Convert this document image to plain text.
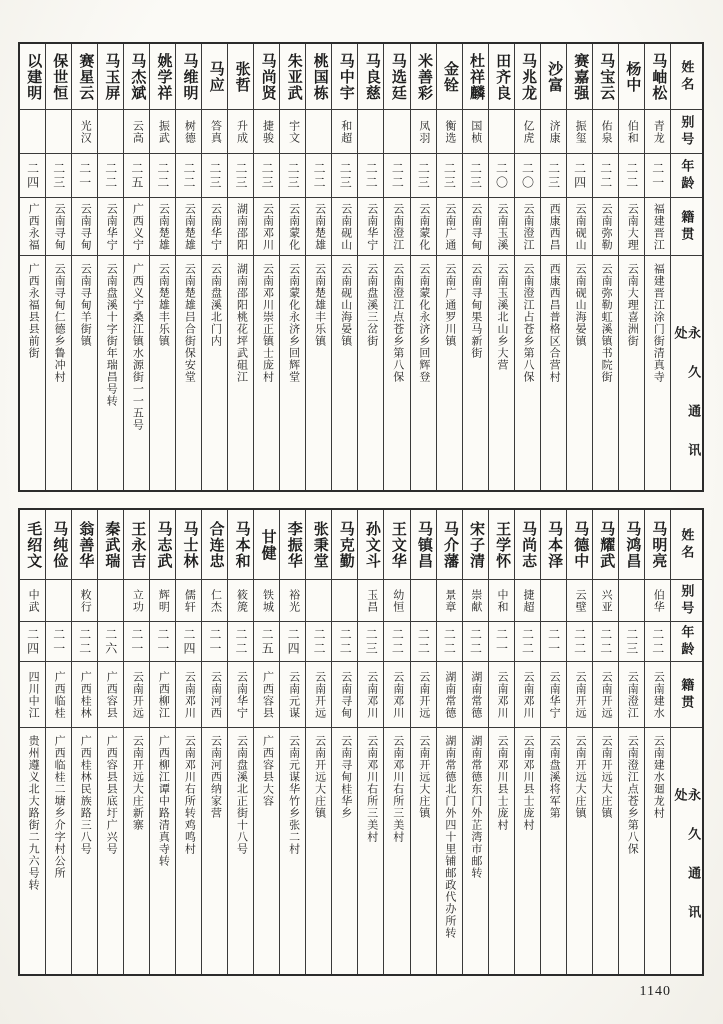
姓名
别号
年龄
籍贯
永久通讯处
马岫松
青龙
二一
福建晋江
福建晋江涂门街清真寺
杨中
伯和
二二
云南大理
云南大理喜洲街
马宝云
佑泉
二二
云南弥勒
云南弥勒虹溪镇书院街
赛嘉强
振玺
二四
云南砚山
云南砚山海晏镇
沙富
济康
二三
西康西昌
西康西昌普格区合营村
马兆龙
亿虎
二〇
云南澄江
云南澄江占苍乡第八保
田齐良
二〇
云南玉溪
云南玉溪北山乡大营
杜祥麟
国桢
二三
云南寻甸
云南寻甸果马新街
金铨
衡选
二三
云南广通
云南广通罗川镇
米善彩
凤羽
二三
云南蒙化
云南蒙化永济乡回辉登
马选廷
二二
云南澄江
云南澄江点苍乡第八保
马良慈
二二
云南华宁
云南盘溪三岔街
马中宇
和超
二三
云南砚山
云南砚山海晏镇
桃国栋
二二
云南楚雄
云南楚雄丰乐镇
朱亚武
宇文
二三
云南蒙化
云南蒙化永济乡回辉堂
马尚贤
捷骏
二三
云南邓川
云南邓川崇正镇士庞村
张哲
升成
二三
湖南邵阳
湖南邵阳桃花坪武砠江
马应
答真
二三
云南华宁
云南盘溪北门内
马维明
树德
二二
云南楚雄
云南楚雄吕合街保安堂
姚学祥
振武
二二
云南楚雄
云南楚雄丰乐镇
马杰斌
云高
二五
广西义宁
广西义宁桑江镇水源街一一五号
马玉屏
二二
云南华宁
云南盘溪十字街年瑞昌号转
赛星云
光汉
二一
云南寻甸
云南寻甸羊街镇
保世恒
二三
云南寻甸
云南寻甸仁德乡鲁冲村
以建明
二四
广西永福
广西永福县县前街
姓名
别号
年龄
籍贯
永久通讯处
马明亮
伯华
二二
云南建水
云南建水廻龙村
马鸿昌
二三
云南澄江
云南澄江点苍乡第八保
马耀武
兴亚
二二
云南开远
云南开远大庄镇
马德中
云壁
二二
云南开远
云南开远大庄镇
马本泽
二一
云南华宁
云南盘溪将军第
马尚志
捷超
二二
云南邓川
云南邓川县士庞村
王学怀
中和
二一
云南邓川
云南邓川县士庞村
宋子清
崇献
二二
湖南常德
湖南常德东门外芷湾市邮转
马介藩
景章
二二
湖南常德
湖南常德北门外四十里铺邮政代办所转
马镇昌
二二
云南开远
云南开远大庄镇
王文华
幼恒
二二
云南邓川
云南邓川右所三美村
孙文斗
玉昌
二三
云南邓川
云南邓川右所三美村
马克勤
二二
云南寻甸
云南寻甸桂华乡
张秉堂
二二
云南开远
云南开远大庄镇
李振华
裕光
二四
云南元谋
云南元谋华竹乡张二村
甘健
铁城
二五
广西容县
广西容县大容
马本和
筱箎
二二
云南华宁
云南盘溪北正街十八号
合连忠
仁杰
二一
云南河西
云南河西纳家营
马士林
儒轩
二四
云南邓川
云南邓川右所转鸡鸣村
马志武
辉明
二一
广西柳江
广西柳江谭中路清真寺转
王永吉
立功
二一
云南开远
云南开远大庄新寨
秦武瑞
二六
广西容县
广西容县县底圩广兴号
翁善华
敉行
二二
广西桂林
广西桂林民族路三八号
马纯俭
二一
广西临桂
广西临桂二塘乡介字村公所
毛绍文
中武
二四
四川中江
贵州遵义北大路街二九六号转
1140
